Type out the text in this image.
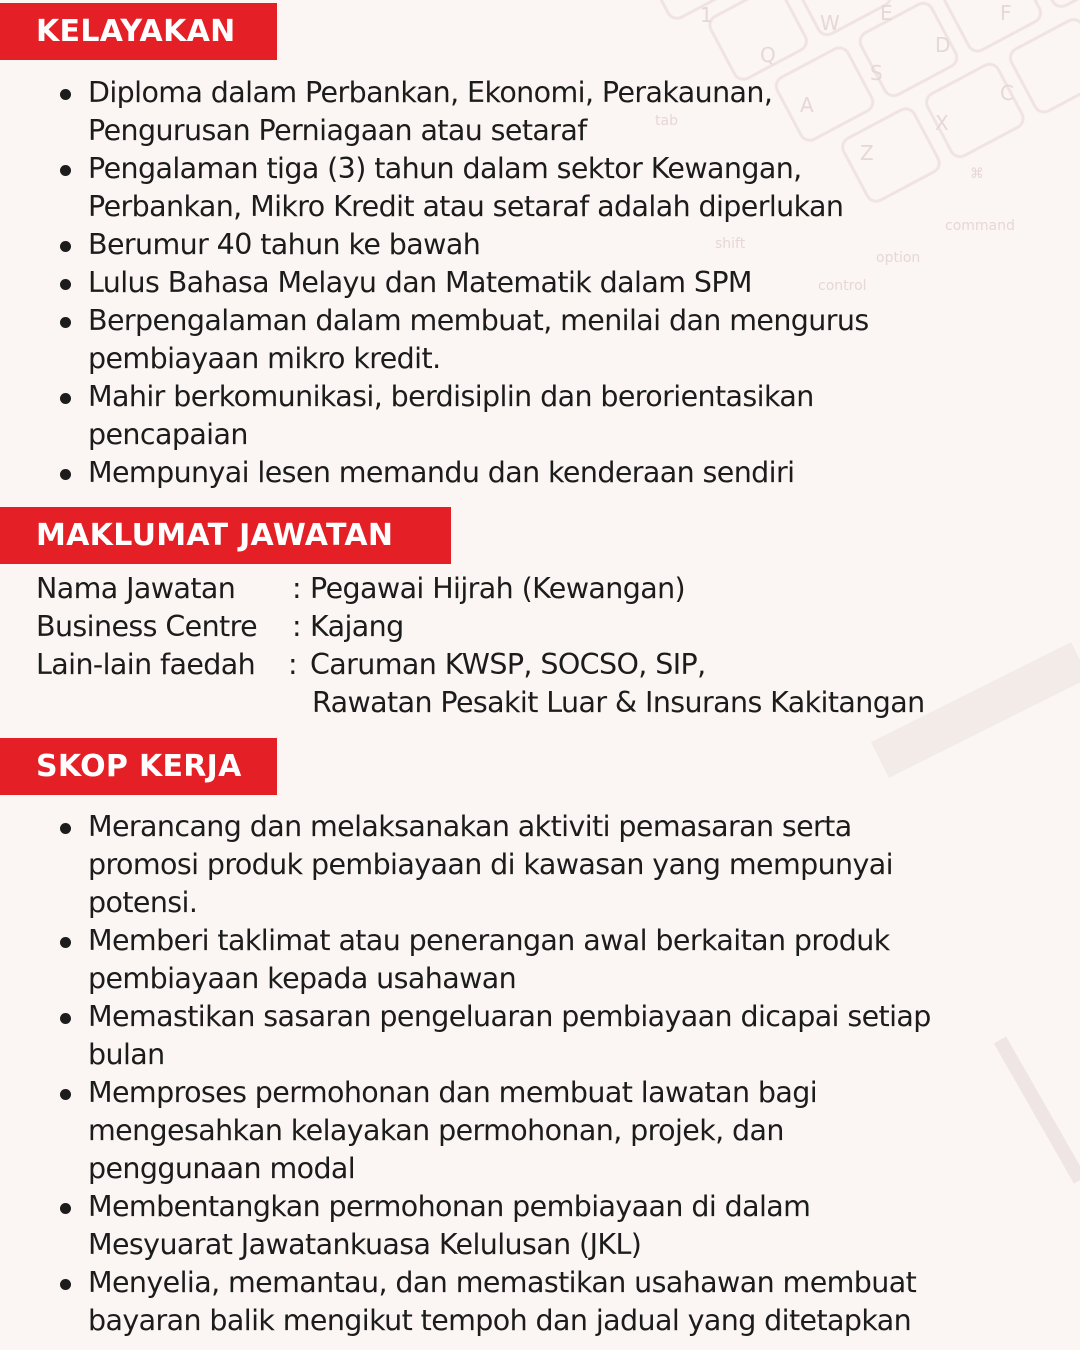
KELAYAKAN
Diploma dalam Perbankan, Ekonomi, Perakaunan,
Pengurusan Perniagaan atau setaraf
Pengalaman tiga (3) tahun dalam sektor Kewangan,
Perbankan, Mikro Kredit atau setaraf adalah diperlukan
Berumur 40 tahun ke bawah
Lulus Bahasa Melayu dan Matematik dalam SPM
Berpengalaman dalam membuat, menilai dan mengurus
pembiayaan mikro kredit.
Mahir berkomunikasi, berdisiplin dan berorientasikan
pencapaian
Mempunyai lesen memandu dan kenderaan sendiri
MAKLUMAT JAWATAN
Nama Jawatan : Pegawai Hijrah (Kewangan)
Business Centre : Kajang
Lain-lain faedah : Caruman KWSP, SOCSO, SIP,
Rawatan Pesakit Luar & Insurans Kakitangan
SKOP KERJA
Merancang dan melaksanakan aktiviti pemasaran serta
promosi produk pembiayaan di kawasan yang mempunyai
potensi.
Memberi taklimat atau penerangan awal berkaitan produk
pembiayaan kepada usahawan
Memastikan sasaran pengeluaran pembiayaan dicapai setiap
bulan
Memproses permohonan dan membuat lawatan bagi
mengesahkan kelayakan permohonan, projek, dan
penggunaan modal
Membentangkan permohonan pembiayaan di dalam
Mesyuarat Jawatankuasa Kelulusan (JKL)
Menyelia, memantau, dan memastikan usahawan membuat
bayaran balik mengikut tempoh dan jadual yang ditetapkan
1
Q
W
A
S
D
Z
X
C
E	F
tab
shift
control
option
command
⌘
